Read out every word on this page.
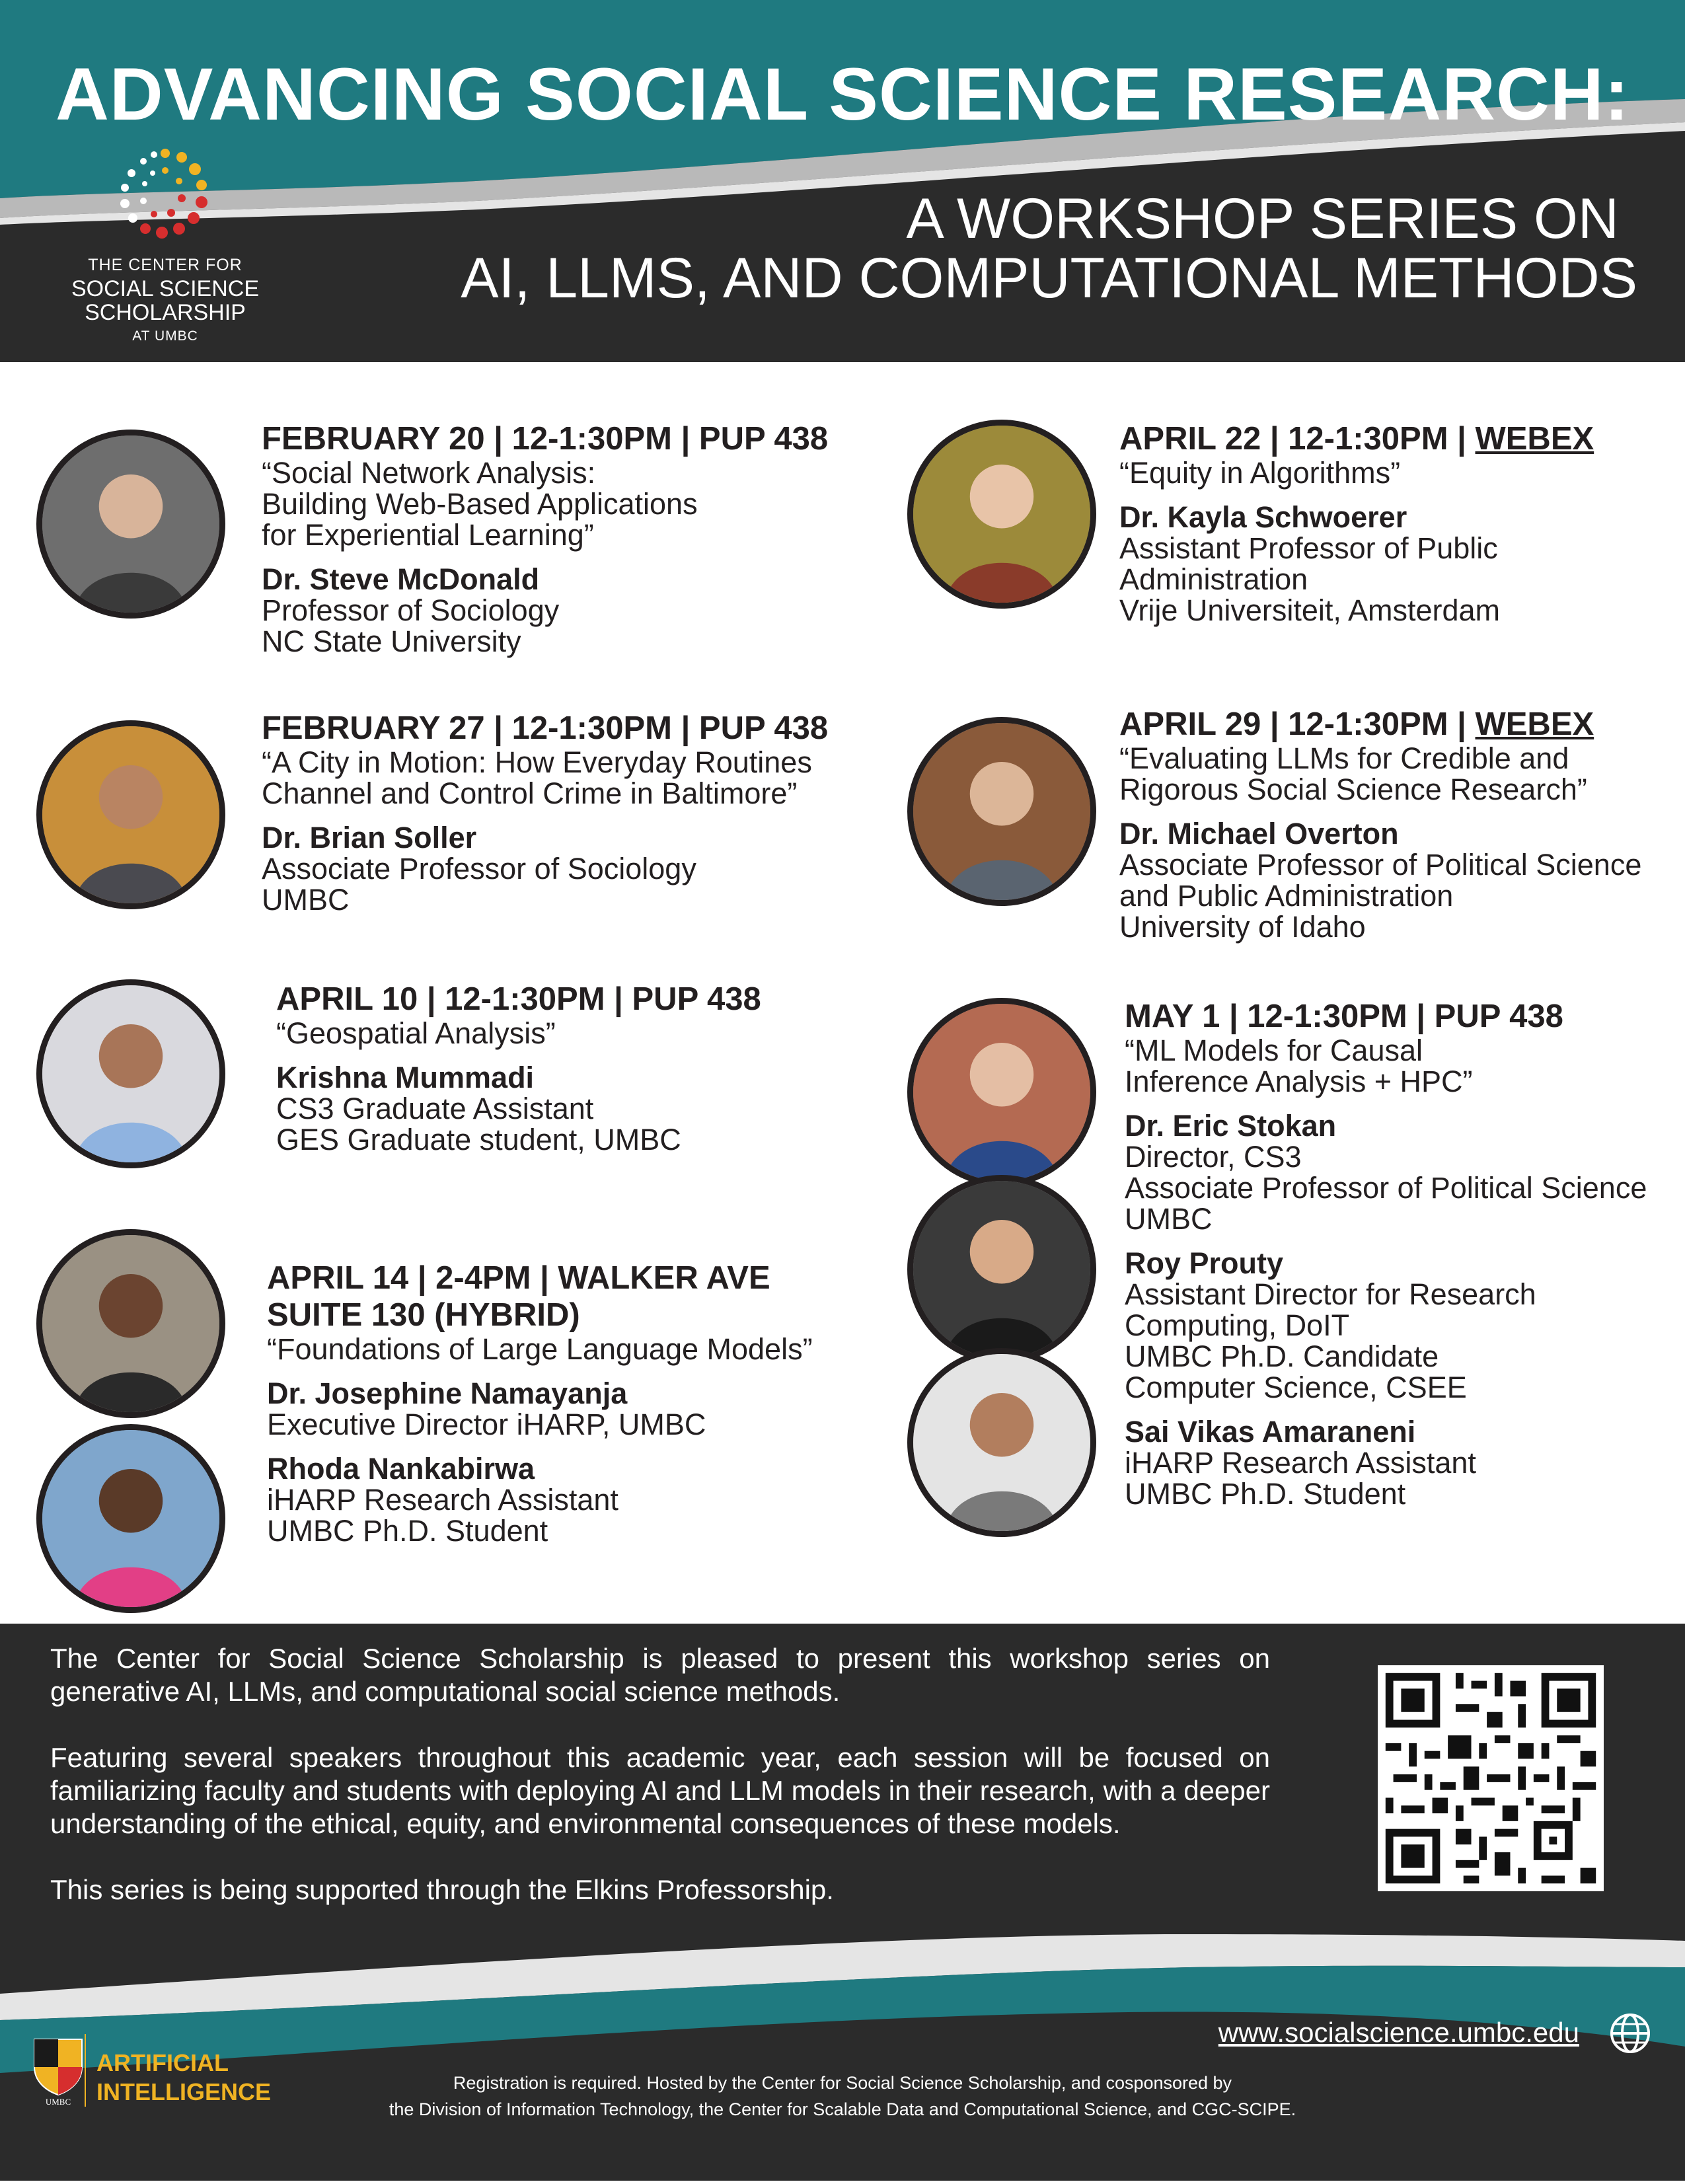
ADVANCING SOCIAL SCIENCE RESEARCH:
A WORKSHOP SERIES ON
AI, LLMS, AND COMPUTATIONAL METHODS
THE CENTER FOR
SOCIAL SCIENCE
SCHOLARSHIP
AT UMBC
FEBRUARY 20 | 12-1:30PM | PUP 438
“Social Network Analysis:
Building Web-Based Applications
for Experiential Learning”
Dr. Steve McDonald
Professor of Sociology
NC State University
FEBRUARY 27 | 12-1:30PM | PUP 438
“A City in Motion: How Everyday Routines
Channel and Control Crime in Baltimore”
Dr. Brian Soller
Associate Professor of Sociology
UMBC
APRIL 10 | 12-1:30PM | PUP 438
“Geospatial Analysis”
Krishna Mummadi
CS3 Graduate Assistant
GES Graduate student, UMBC
APRIL 14 | 2-4PM | WALKER AVE
SUITE 130 (HYBRID)
“Foundations of Large Language Models”
Dr. Josephine Namayanja
Executive Director iHARP, UMBC
Rhoda Nankabirwa
iHARP Research Assistant
UMBC Ph.D. Student
APRIL 22 | 12-1:30PM | WEBEX
“Equity in Algorithms”
Dr. Kayla Schwoerer
Assistant Professor of Public
Administration
Vrije Universiteit, Amsterdam
APRIL 29 | 12-1:30PM | WEBEX
“Evaluating LLMs for Credible and
Rigorous Social Science Research”
Dr. Michael Overton
Associate Professor of Political Science
and Public Administration
University of Idaho
MAY 1 | 12-1:30PM | PUP 438
“ML Models for Causal
Inference Analysis + HPC”
Dr. Eric Stokan
Director, CS3
Associate Professor of Political Science
UMBC
Roy Prouty
Assistant Director for Research
Computing, DoIT
UMBC Ph.D. Candidate
Computer Science, CSEE
Sai Vikas Amaraneni
iHARP Research Assistant
UMBC Ph.D. Student

The Center for Social Science Scholarship is pleased to present this workshop series on generative AI, LLMs, and computational social science methods.

Featuring several speakers throughout this academic year, each session will be focused on familiarizing faculty and students with deploying AI and LLM models in their research, with a deeper understanding of the ethical, equity, and environmental consequences of these models.

This series is being supported through the Elkins Professorship.

www.socialscience.umbc.edu
UMBC
ARTIFICIAL
INTELLIGENCE	Registration is required. Hosted by the Center for Social Science Scholarship, and cosponsored by
the Division of Information Technology, the Center for Scalable Data and Computational Science, and CGC-SCIPE.
